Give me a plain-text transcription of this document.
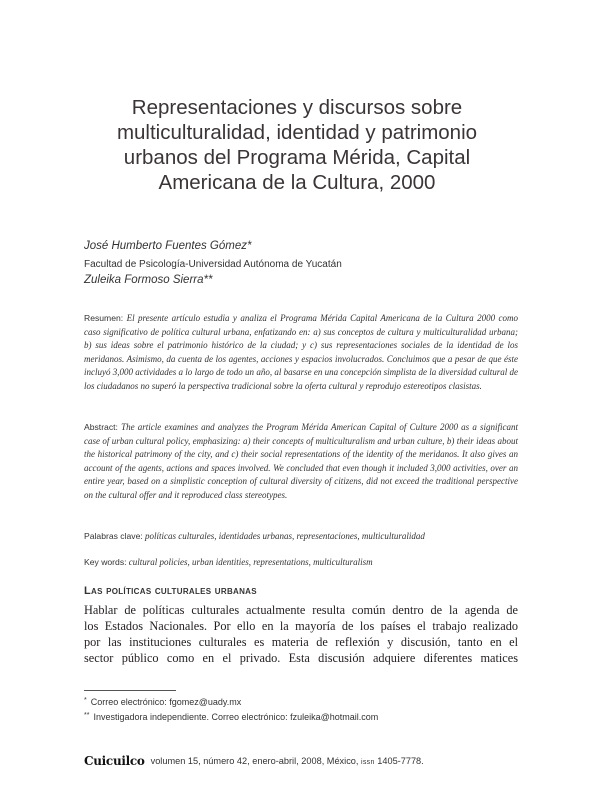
Representaciones y discursos sobre
multiculturalidad, identidad y patrimonio
urbanos del Programa Mérida, Capital
Americana de la Cultura, 2000
José Humberto Fuentes Gómez*
Facultad de Psicología-Universidad Autónoma de Yucatán
Zuleika Formoso Sierra**

Resumen: El presente artículo estudia y analiza el Programa Mérida Capital Americana de la Cultura 2000 como caso significativo de política cultural urbana, enfatizando en: a) sus conceptos de cultura y multiculturalidad urbana; b) sus ideas sobre el patrimonio histórico de la ciudad; y c) sus representaciones sociales de la identidad de los meridanos. Asimismo, da cuenta de los agentes, acciones y espacios involucrados. Concluimos que a pesar de que éste incluyó 3,000 actividades a lo largo de todo un año, al basarse en una concepción simplista de la diversidad cultural de los ciudadanos no superó la perspectiva tradicional sobre la oferta cultural y reprodujo estereotipos clasistas.

Abstract: The article examines and analyzes the Program Mérida American Capital of Culture 2000 as a significant case of urban cultural policy, emphasizing: a) their concepts of multiculturalism and urban culture, b) their ideas about the historical patrimony of the city, and c) their social representations of the identity of the meridanos. It also gives an account of the agents, actions and spaces involved. We concluded that even though it included 3,000 activities, over an entire year, based on a simplistic conception of cultural diversity of citizens, did not exceed the traditional perspective on the cultural offer and it reproduced class stereotypes.

Palabras clave: políticas culturales, identidades urbanas, representaciones, multiculturalidad

Key words: cultural policies, urban identities, representations, multiculturalism

Las políticas culturales urbanas

Hablar de políticas culturales actualmente resulta común dentro de la agenda de
los Estados Nacionales. Por ello en la mayoría de los países el trabajo realizado
por las instituciones culturales es materia de reflexión y discusión, tanto en el
sector público como en el privado. Esta discusión adquiere diferentes matices

* Correo electrónico: fgomez@uady.mx
** Investigadora independiente. Correo electrónico: fzuleika@hotmail.com
Cuicuilco volumen 15, número 42, enero-abril, 2008, México, issn 1405-7778.
